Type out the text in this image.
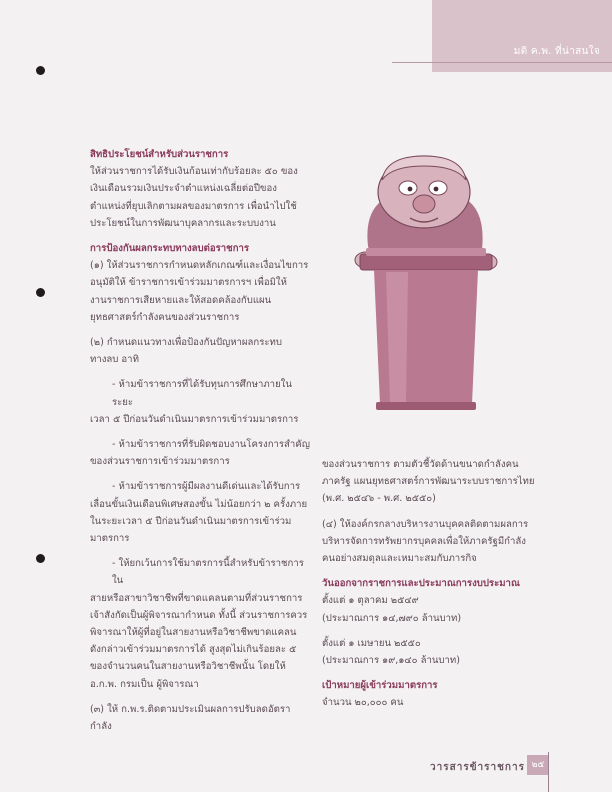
มติ ค.พ. ที่น่าสนใจ

สิทธิประโยชน์สำหรับส่วนราชการ

ให้ส่วนราชการได้รับเงินก้อนเท่ากับร้อยละ ๕๐ ของ

เงินเดือนรวมเงินประจำตำแหน่งเฉลี่ยต่อปีของ

ตำแหน่งที่ยุบเลิกตามผลของมาตรการ เพื่อนำไปใช้

ประโยชน์ในการพัฒนาบุคลากรและระบบงาน

การป้องกันผลกระทบทางลบต่อราชการ

(๑) ให้ส่วนราชการกำหนดหลักเกณฑ์และเงื่อนไขการ

อนุมัติให้ ข้าราชการเข้าร่วมมาตรการฯ เพื่อมิให้

งานราชการเสียหายและให้สอดคล้องกับแผน

ยุทธศาสตร์กำลังคนของส่วนราชการ

(๒) กำหนดแนวทางเพื่อป้องกันปัญหาผลกระทบ

ทางลบ อาทิ

- ห้ามข้าราชการที่ได้รับทุนการศึกษาภายในระยะ

เวลา ๕ ปีก่อนวันดำเนินมาตรการเข้าร่วมมาตรการ

- ห้ามข้าราชการที่รับผิดชอบงานโครงการสำคัญ

ของส่วนราชการเข้าร่วมมาตรการ

- ห้ามข้าราชการผู้มีผลงานดีเด่นและได้รับการ

เลื่อนขั้นเงินเดือนพิเศษสองขั้น ไม่น้อยกว่า ๒ ครั้งภาย

ในระยะเวลา ๕ ปีก่อนวันดำเนินมาตรการเข้าร่วม

มาตรการ

- ให้ยกเว้นการใช้มาตรการนี้สำหรับข้าราชการใน

สายหรือสาขาวิชาชีพที่ขาดแคลนตามที่ส่วนราชการ

เจ้าสังกัดเป็นผู้พิจารณากำหนด ทั้งนี้ ส่วนราชการควร

พิจารณาให้ผู้ที่อยู่ในสายงานหรือวิชาชีพขาดแคลน

ดังกล่าวเข้าร่วมมาตรการได้ สูงสุดไม่เกินร้อยละ ๕

ของจำนวนคนในสายงานหรือวิชาชีพนั้น โดยให้

อ.ก.พ. กรมเป็น ผู้พิจารณา

(๓) ให้ ก.พ.ร.ติดตามประเมินผลการปรับลดอัตรากำลัง

ของส่วนราชการ ตามตัวชี้วัดด้านขนาดกำลังคน

ภาครัฐ แผนยุทธศาสตร์การพัฒนาระบบราชการไทย

(พ.ศ. ๒๕๔๖ - พ.ศ. ๒๕๕๐)

(๔) ให้องค์กรกลางบริหารงานบุคคลติดตามผลการ

บริหารจัดการทรัพยากรบุคคลเพื่อให้ภาครัฐมีกำลัง

คนอย่างสมดุลและเหมาะสมกับภารกิจ

วันออกจากราชการและประมาณการงบประมาณ

ตั้งแต่ ๑ ตุลาคม ๒๕๔๙

(ประมาณการ ๑๔,๗๙๐ ล้านบาท)

ตั้งแต่ ๑ เมษายน ๒๕๕๐

(ประมาณการ ๑๙,๑๔๐ ล้านบาท)

เป้าหมายผู้เข้าร่วมมาตรการ

จำนวน ๒๐,๐๐๐ คน

วารสารข้าราชการ ๒๕
